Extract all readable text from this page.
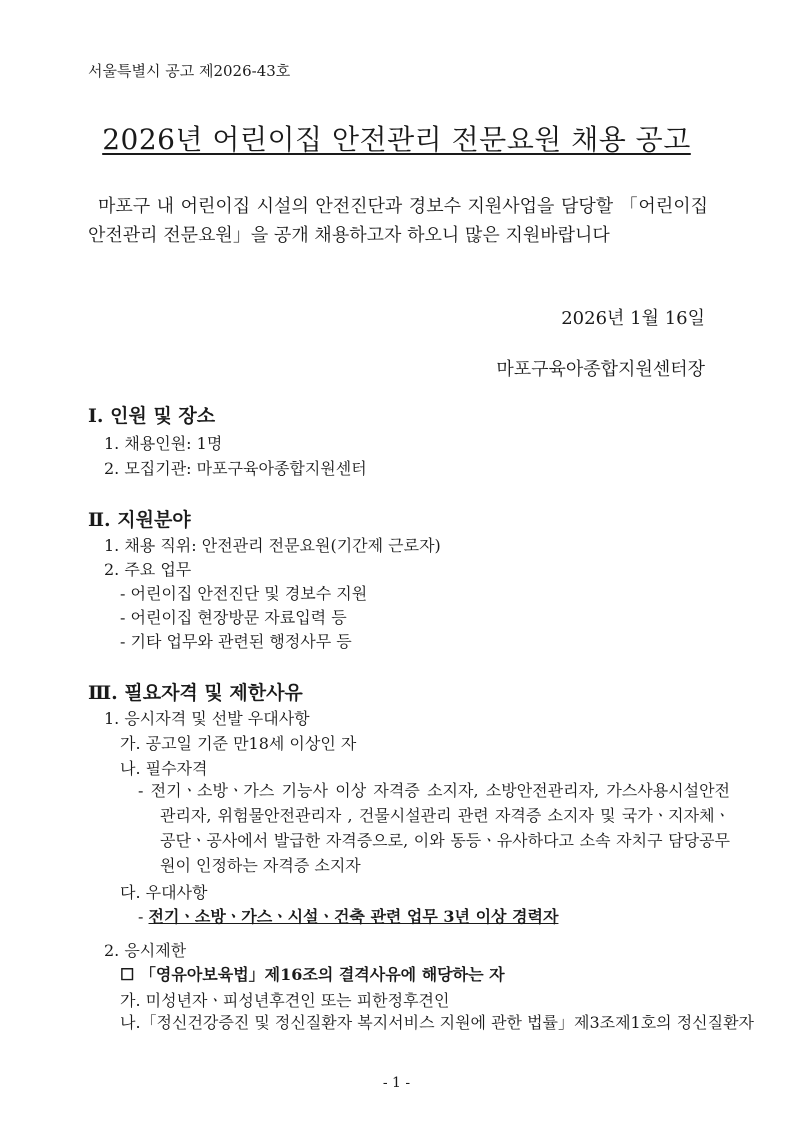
서울특별시 공고 제2026-43호
2026년 어린이집 안전관리 전문요원 채용 공고
마포구 내 어린이집 시설의 안전진단과 경보수 지원사업을 담당할 「어린이집 안전관리 전문요원」을 공개 채용하고자 하오니 많은 지원바랍니다
2026년 1월 16일
마포구육아종합지원센터장
Ⅰ. 인원 및 장소
1. 채용인원: 1명
2. 모집기관: 마포구육아종합지원센터
Ⅱ. 지원분야
1. 채용 직위: 안전관리 전문요원(기간제 근로자)
2. 주요 업무
- 어린이집 안전진단 및 경보수 지원
- 어린이집 현장방문 자료입력 등
- 기타 업무와 관련된 행정사무 등
Ⅲ. 필요자격 및 제한사유
1. 응시자격 및 선발 우대사항
가. 공고일 기준 만18세 이상인 자
나. 필수자격
- 전기ㆍ소방ㆍ가스 기능사 이상 자격증 소지자, 소방안전관리자, 가스사용시설안전관리자, 위험물안전관리자 , 건물시설관리 관련 자격증 소지자 및 국가ㆍ지자체ㆍ공단ㆍ공사에서 발급한 자격증으로, 이와 동등ㆍ유사하다고 소속 자치구 담당공무원이 인정하는 자격증 소지자
다. 우대사항
- 전기ㆍ소방ㆍ가스ㆍ시설ㆍ건축 관련 업무 3년 이상 경력자
2. 응시제한
☐ 「영유아보육법」제16조의 결격사유에 해당하는 자
가. 미성년자ㆍ피성년후견인 또는 피한정후견인
나.「정신건강증진 및 정신질환자 복지서비스 지원에 관한 법률」제3조제1호의 정신질환자
- 1 -
